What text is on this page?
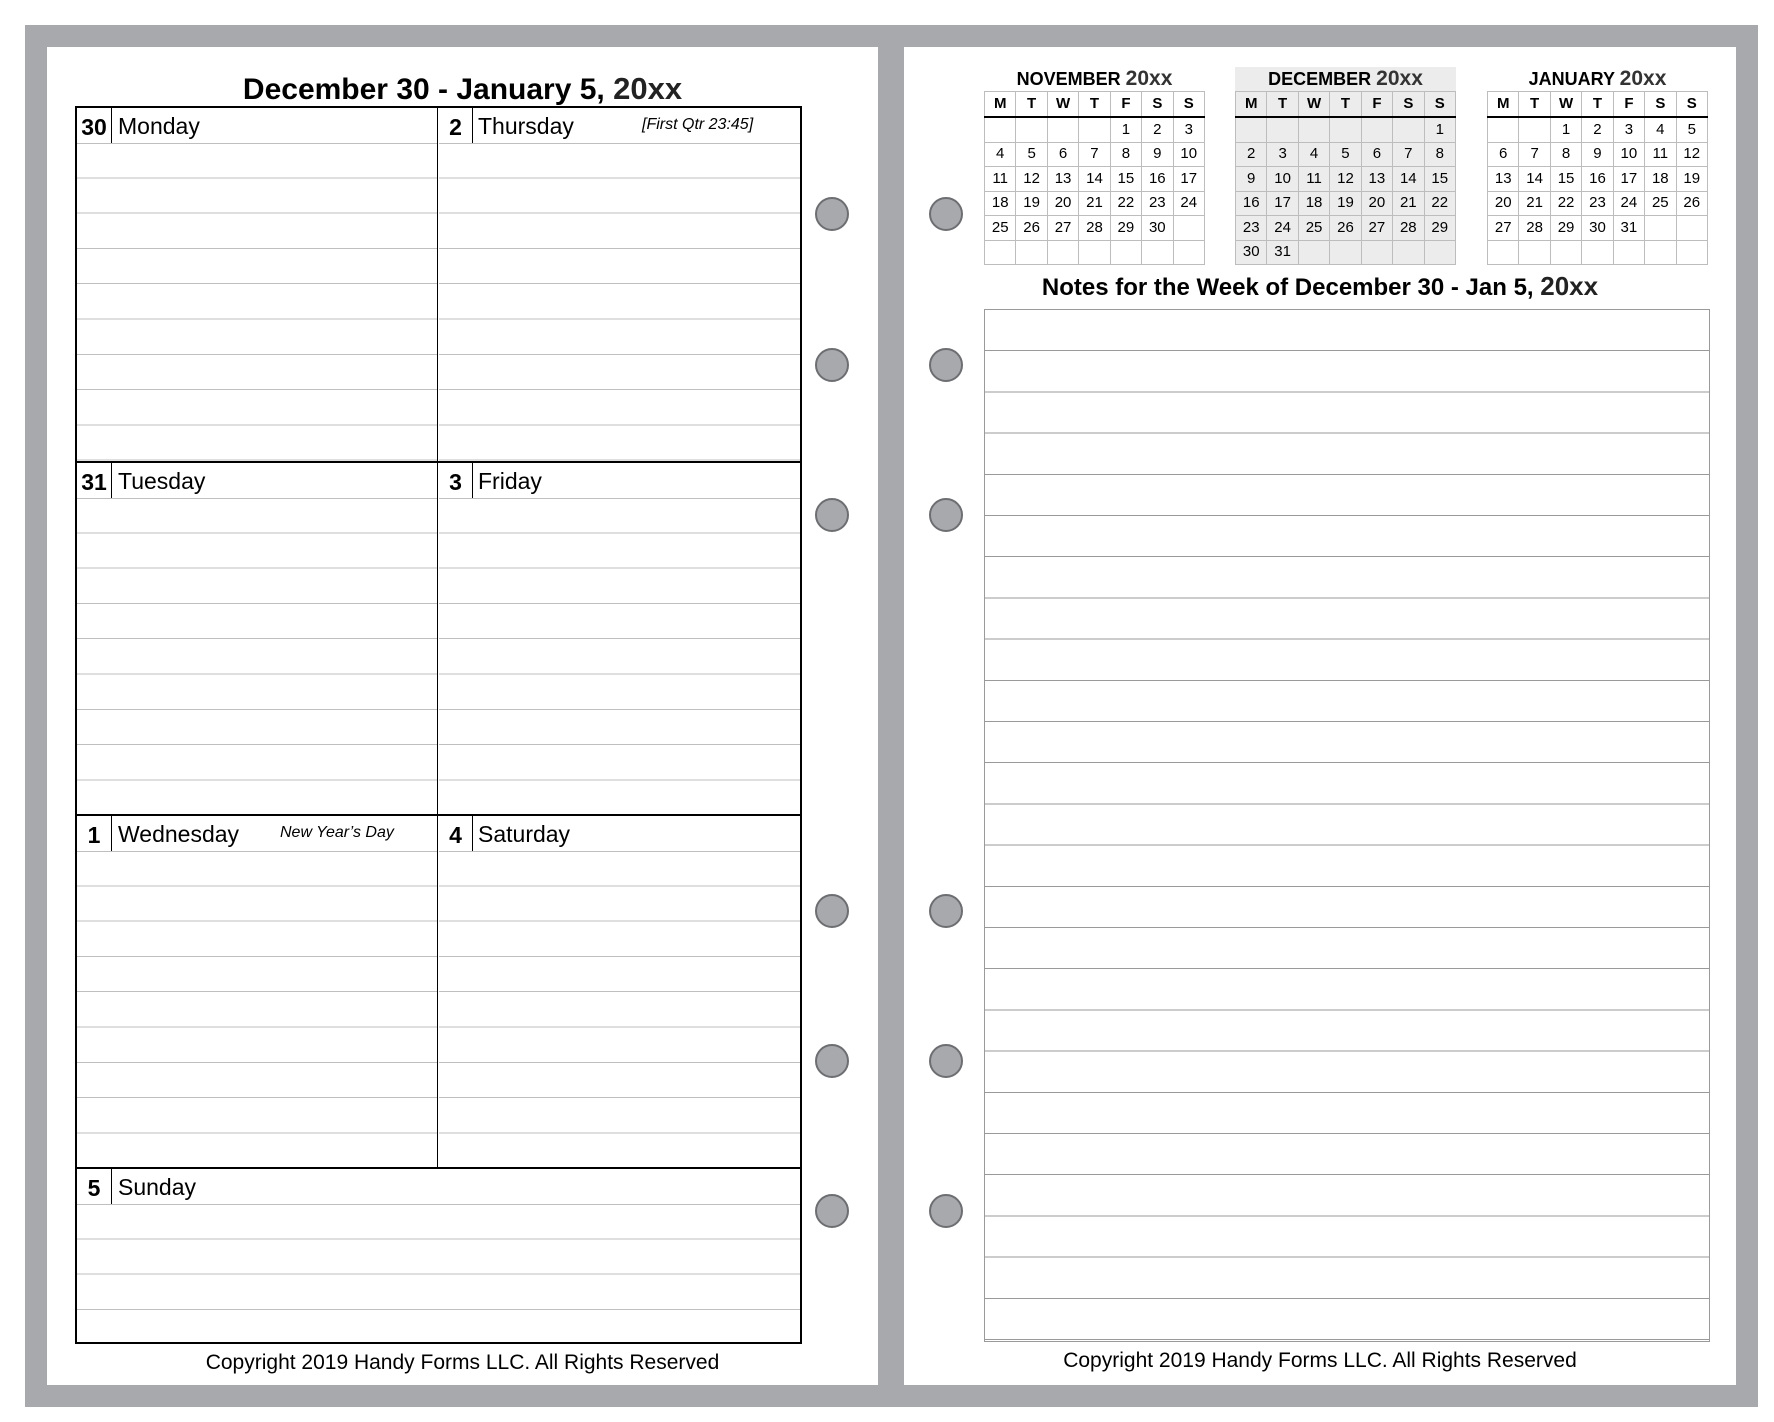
December 30 - January 5, 20xx
30 Monday	2 Thursday	[First Qtr 23:45]
31 Tuesday	3 Friday
1 Wednesday	New Year’s Day	4 Saturday
5 Sunday
Copyright 2019 Handy Forms LLC. All Rights Reserved
NOVEMBER 20xx
M	T	W	T	F	S	S
				1	2	3
4	5	6	7	8	9	10
11	12	13	14	15	16	17
18	19	20	21	22	23	24
25	26	27	28	29	30	

DECEMBER 20xx
M	T	W	T	F	S	S
						1
2	3	4	5	6	7	8
9	10	11	12	13	14	15
16	17	18	19	20	21	22
23	24	25	26	27	28	29
30	31					
JANUARY 20xx
M	T	W	T	F	S	S
		1	2	3	4	5
6	7	8	9	10	11	12
13	14	15	16	17	18	19
20	21	22	23	24	25	26
27	28	29	30	31		

Notes for the Week of December 30 - Jan 5, 20xx
Copyright 2019 Handy Forms LLC. All Rights Reserved
